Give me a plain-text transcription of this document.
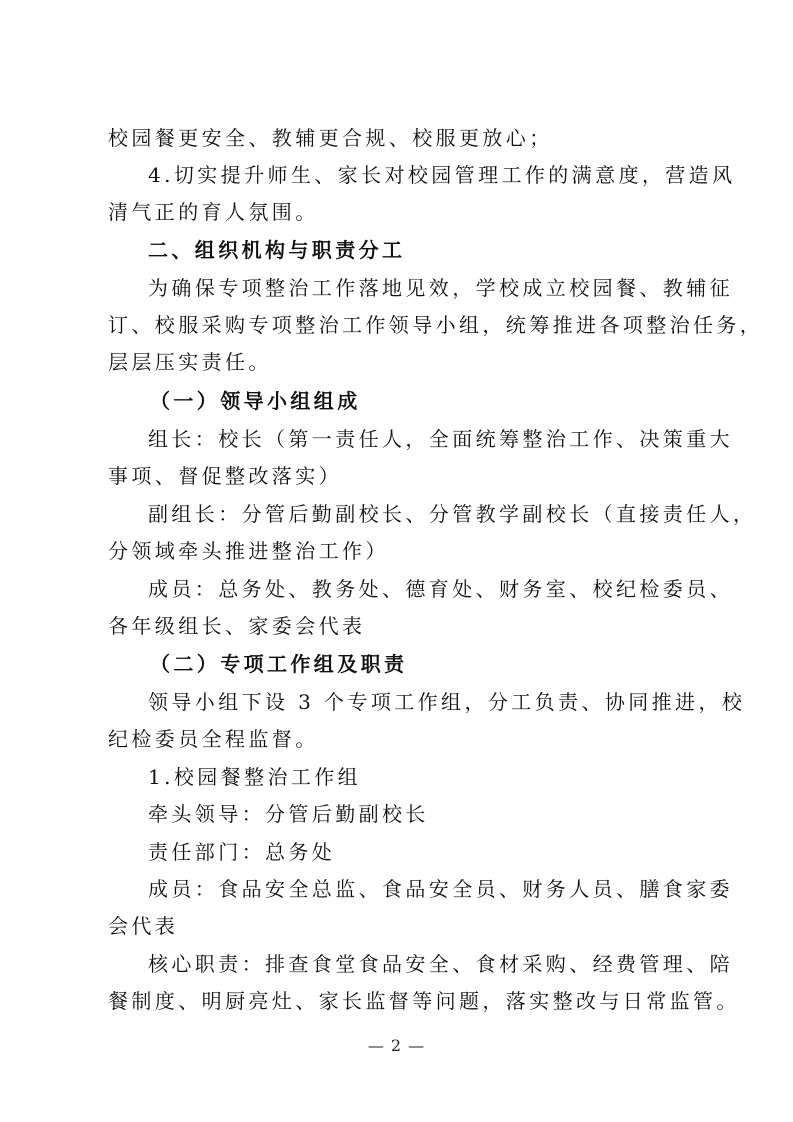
校园餐更安全、教辅更合规、校服更放心；
4.切实提升师生、家长对校园管理工作的满意度，营造风
清气正的育人氛围。
二、组织机构与职责分工
为确保专项整治工作落地见效，学校成立校园餐、教辅征
订、校服采购专项整治工作领导小组，统筹推进各项整治任务，
层层压实责任。
（一）领导小组组成
组长：校长（第一责任人，全面统筹整治工作、决策重大
事项、督促整改落实）
副组长：分管后勤副校长、分管教学副校长（直接责任人，
分领域牵头推进整治工作）
成员：总务处、教务处、德育处、财务室、校纪检委员、
各年级组长、家委会代表
（二）专项工作组及职责
领导小组下设 3 个专项工作组，分工负责、协同推进，校
纪检委员全程监督。
1.校园餐整治工作组
牵头领导：分管后勤副校长
责任部门：总务处
成员：食品安全总监、食品安全员、财务人员、膳食家委
会代表
核心职责：排查食堂食品安全、食材采购、经费管理、陪
餐制度、明厨亮灶、家长监督等问题，落实整改与日常监管。
— 2 —
